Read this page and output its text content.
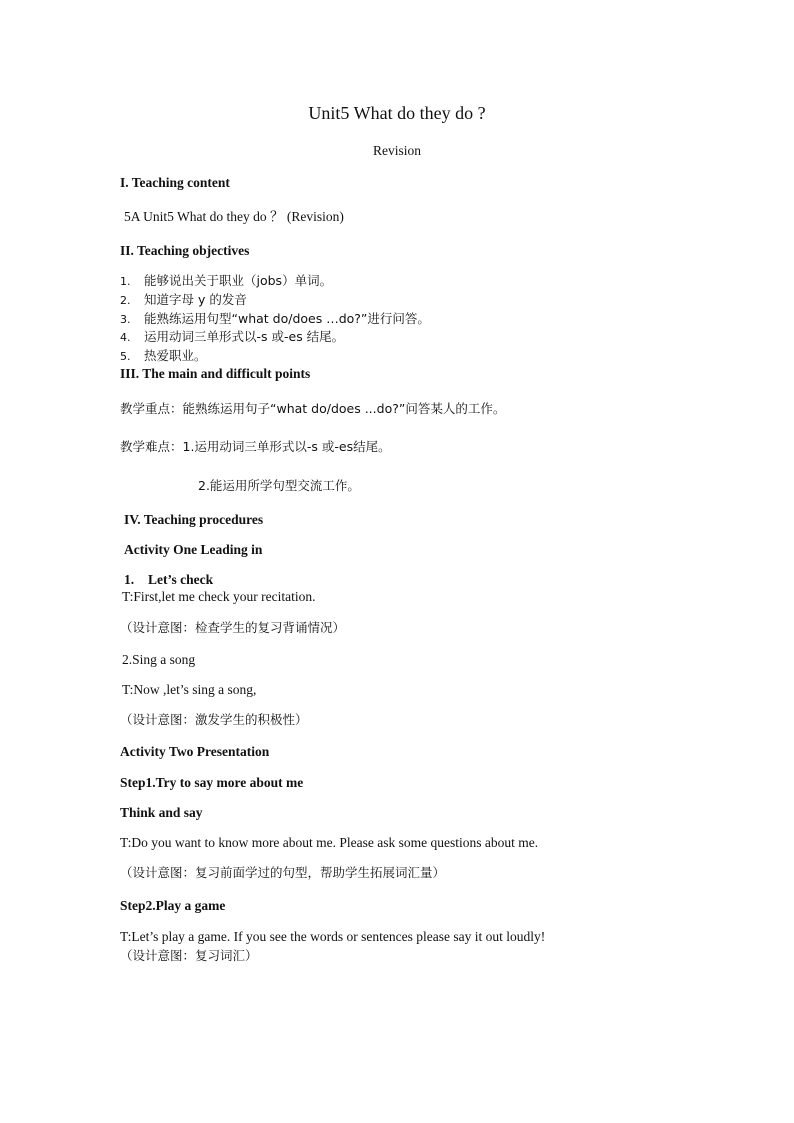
Unit5 What do they do ?
Revision
I. Teaching content
5A Unit5 What do they do ？ (Revision)
II. Teaching objectives
1. 能够说出关于职业（jobs）单词。
2. 知道字母 y 的发音
3. 能熟练运用句型“what do/does …do?”进行问答。
4. 运用动词三单形式以-s 或-es 结尾。
5. 热爱职业。
III. The main and difficult points
教学重点：能熟练运用句子“what do/does ...do?”问答某人的工作。
教学难点：1.运用动词三单形式以-s 或-es结尾。
2.能运用所学句型交流工作。
IV. Teaching procedures
Activity One Leading in
1. Let’s check
T:First,let me check your recitation.
（设计意图：检查学生的复习背诵情况）
2.Sing a song
T:Now ,let’s sing a song,
（设计意图：激发学生的积极性）
Activity Two Presentation
Step1.Try to say more about me
Think and say
T:Do you want to know more about me. Please ask some questions about me.
（设计意图：复习前面学过的句型，帮助学生拓展词汇量）
Step2.Play a game
T:Let’s play a game. If you see the words or sentences please say it out loudly!（设计意图：复习词汇）
